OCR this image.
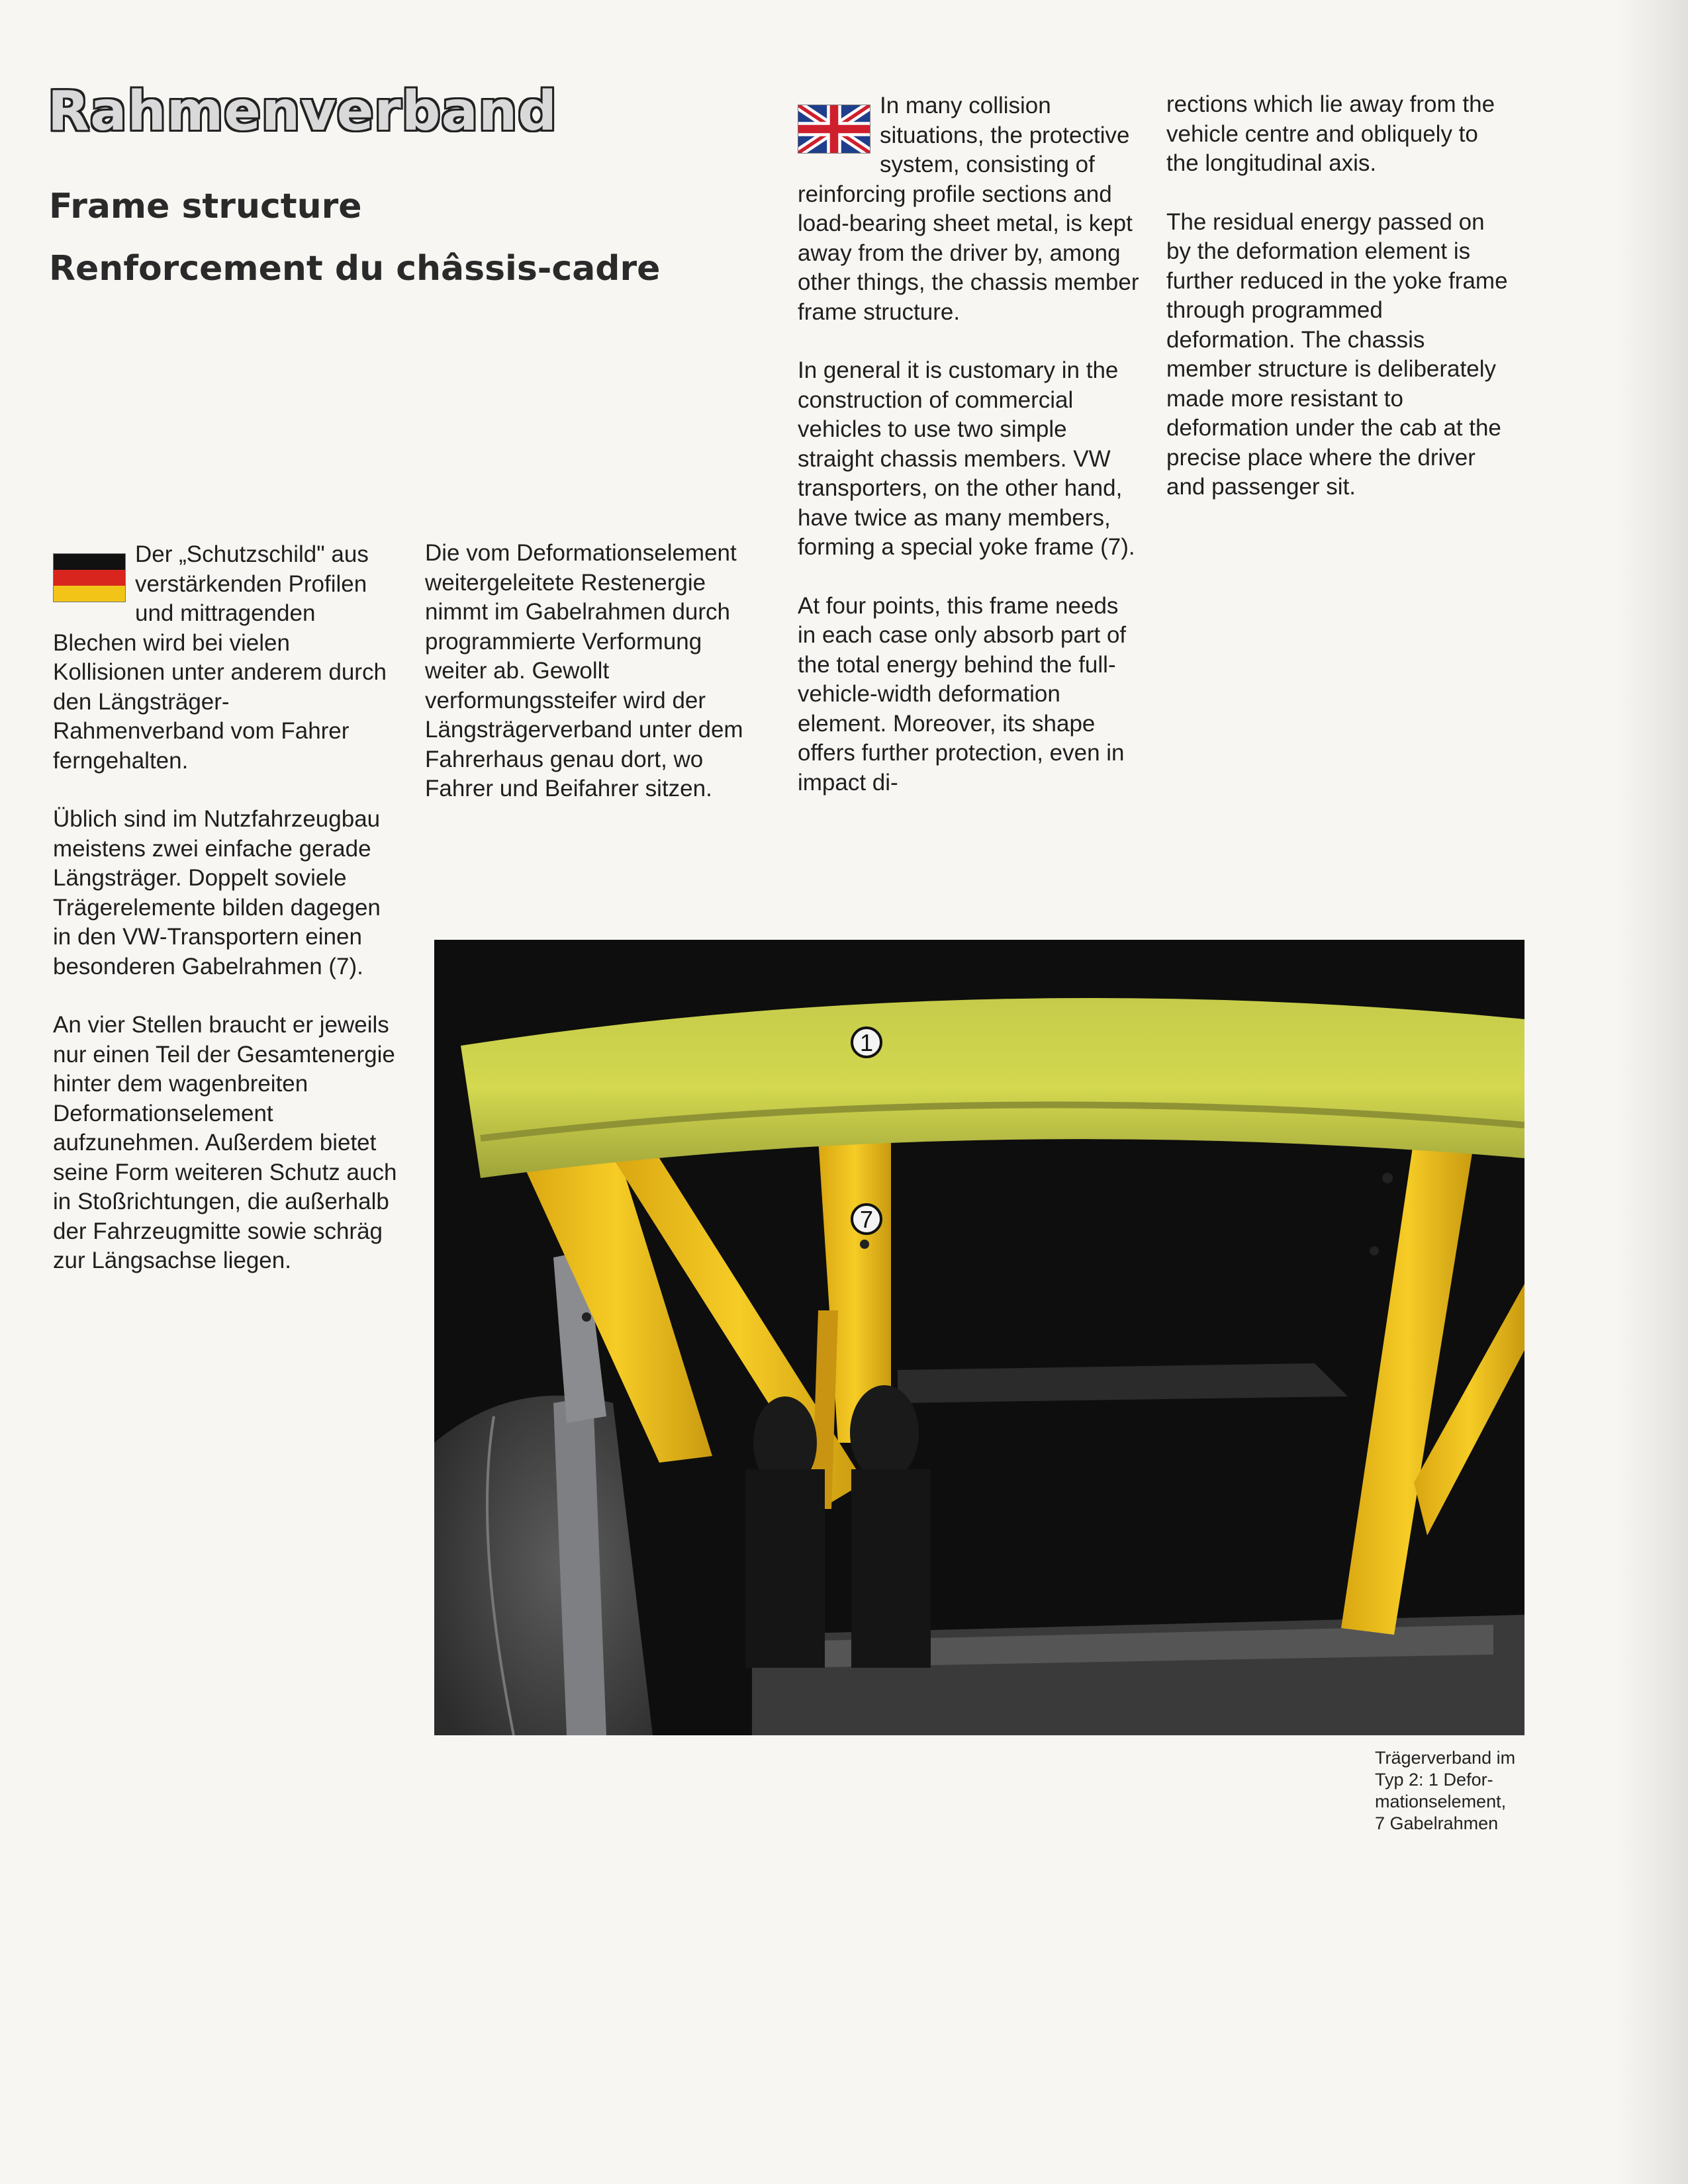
Rahmenverband
Frame structure
Renforcement du châssis-cadre

Der „Schutzschild" aus verstärkenden Profilen und mittragenden Blechen wird bei vielen Kollisionen unter anderem durch den Längsträger-Rahmenverband vom Fahrer ferngehalten.

Üblich sind im Nutzfahrzeugbau meistens zwei einfache gerade Längsträger. Doppelt soviele Trägerelemente bilden dagegen in den VW-Transportern einen besonderen Gabelrahmen (7).

An vier Stellen braucht er jeweils nur einen Teil der Gesamtenergie hinter dem wagenbreiten Deformationselement aufzunehmen. Außerdem bietet seine Form weiteren Schutz auch in Stoßrichtungen, die außerhalb der Fahrzeugmitte sowie schräg zur Längsachse liegen.

Die vom Deformationselement weitergeleitete Restenergie nimmt im Gabelrahmen durch programmierte Verformung weiter ab. Gewollt verformungssteifer wird der Längsträgerverband unter dem Fahrerhaus genau dort, wo Fahrer und Beifahrer sitzen.

In many collision situations, the protective system, consisting of reinforcing profile sections and load-bearing sheet metal, is kept away from the driver by, among other things, the chassis member frame structure.

In general it is customary in the construction of commercial vehicles to use two simple straight chassis members. VW transporters, on the other hand, have twice as many members, forming a special yoke frame (7).

At four points, this frame needs in each case only absorb part of the total energy behind the full-vehicle-width deformation element. Moreover, its shape offers further protection, even in impact di-

rections which lie away from the vehicle centre and obliquely to the longitudinal axis.

The residual energy passed on by the deformation element is further reduced in the yoke frame through programmed deformation. The chassis member structure is deliberately made more resistant to deformation under the cab at the precise place where the driver and passenger sit.

1
7
Trägerverband im
Typ 2: 1 Defor-
mationselement,
7 Gabelrahmen
